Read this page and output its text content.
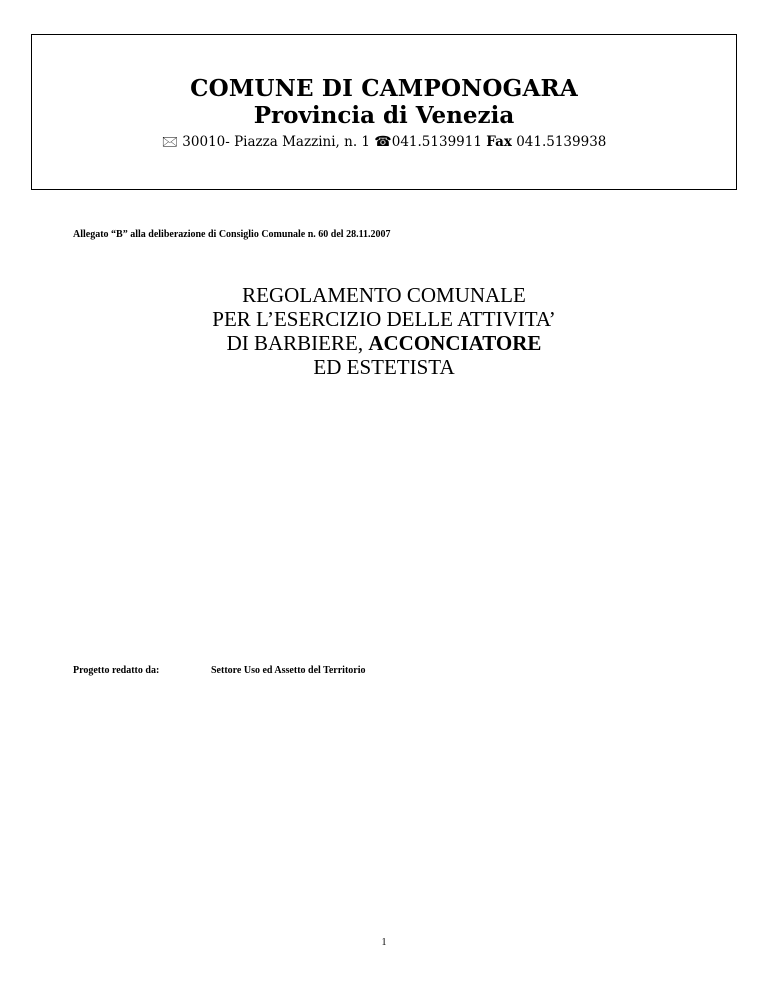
COMUNE DI CAMPONOGARA
Provincia di Venezia
🖂 30010- Piazza Mazzini, n. 1 ☎041.5139911 Fax 041.5139938
Allegato “B” alla deliberazione di Consiglio Comunale n. 60 del 28.11.2007
REGOLAMENTO COMUNALE
PER L’ESERCIZIO DELLE ATTIVITA’
DI BARBIERE, ACCONCIATORE
ED ESTETISTA
Progetto redatto da:	Settore Uso ed Assetto del Territorio
1
